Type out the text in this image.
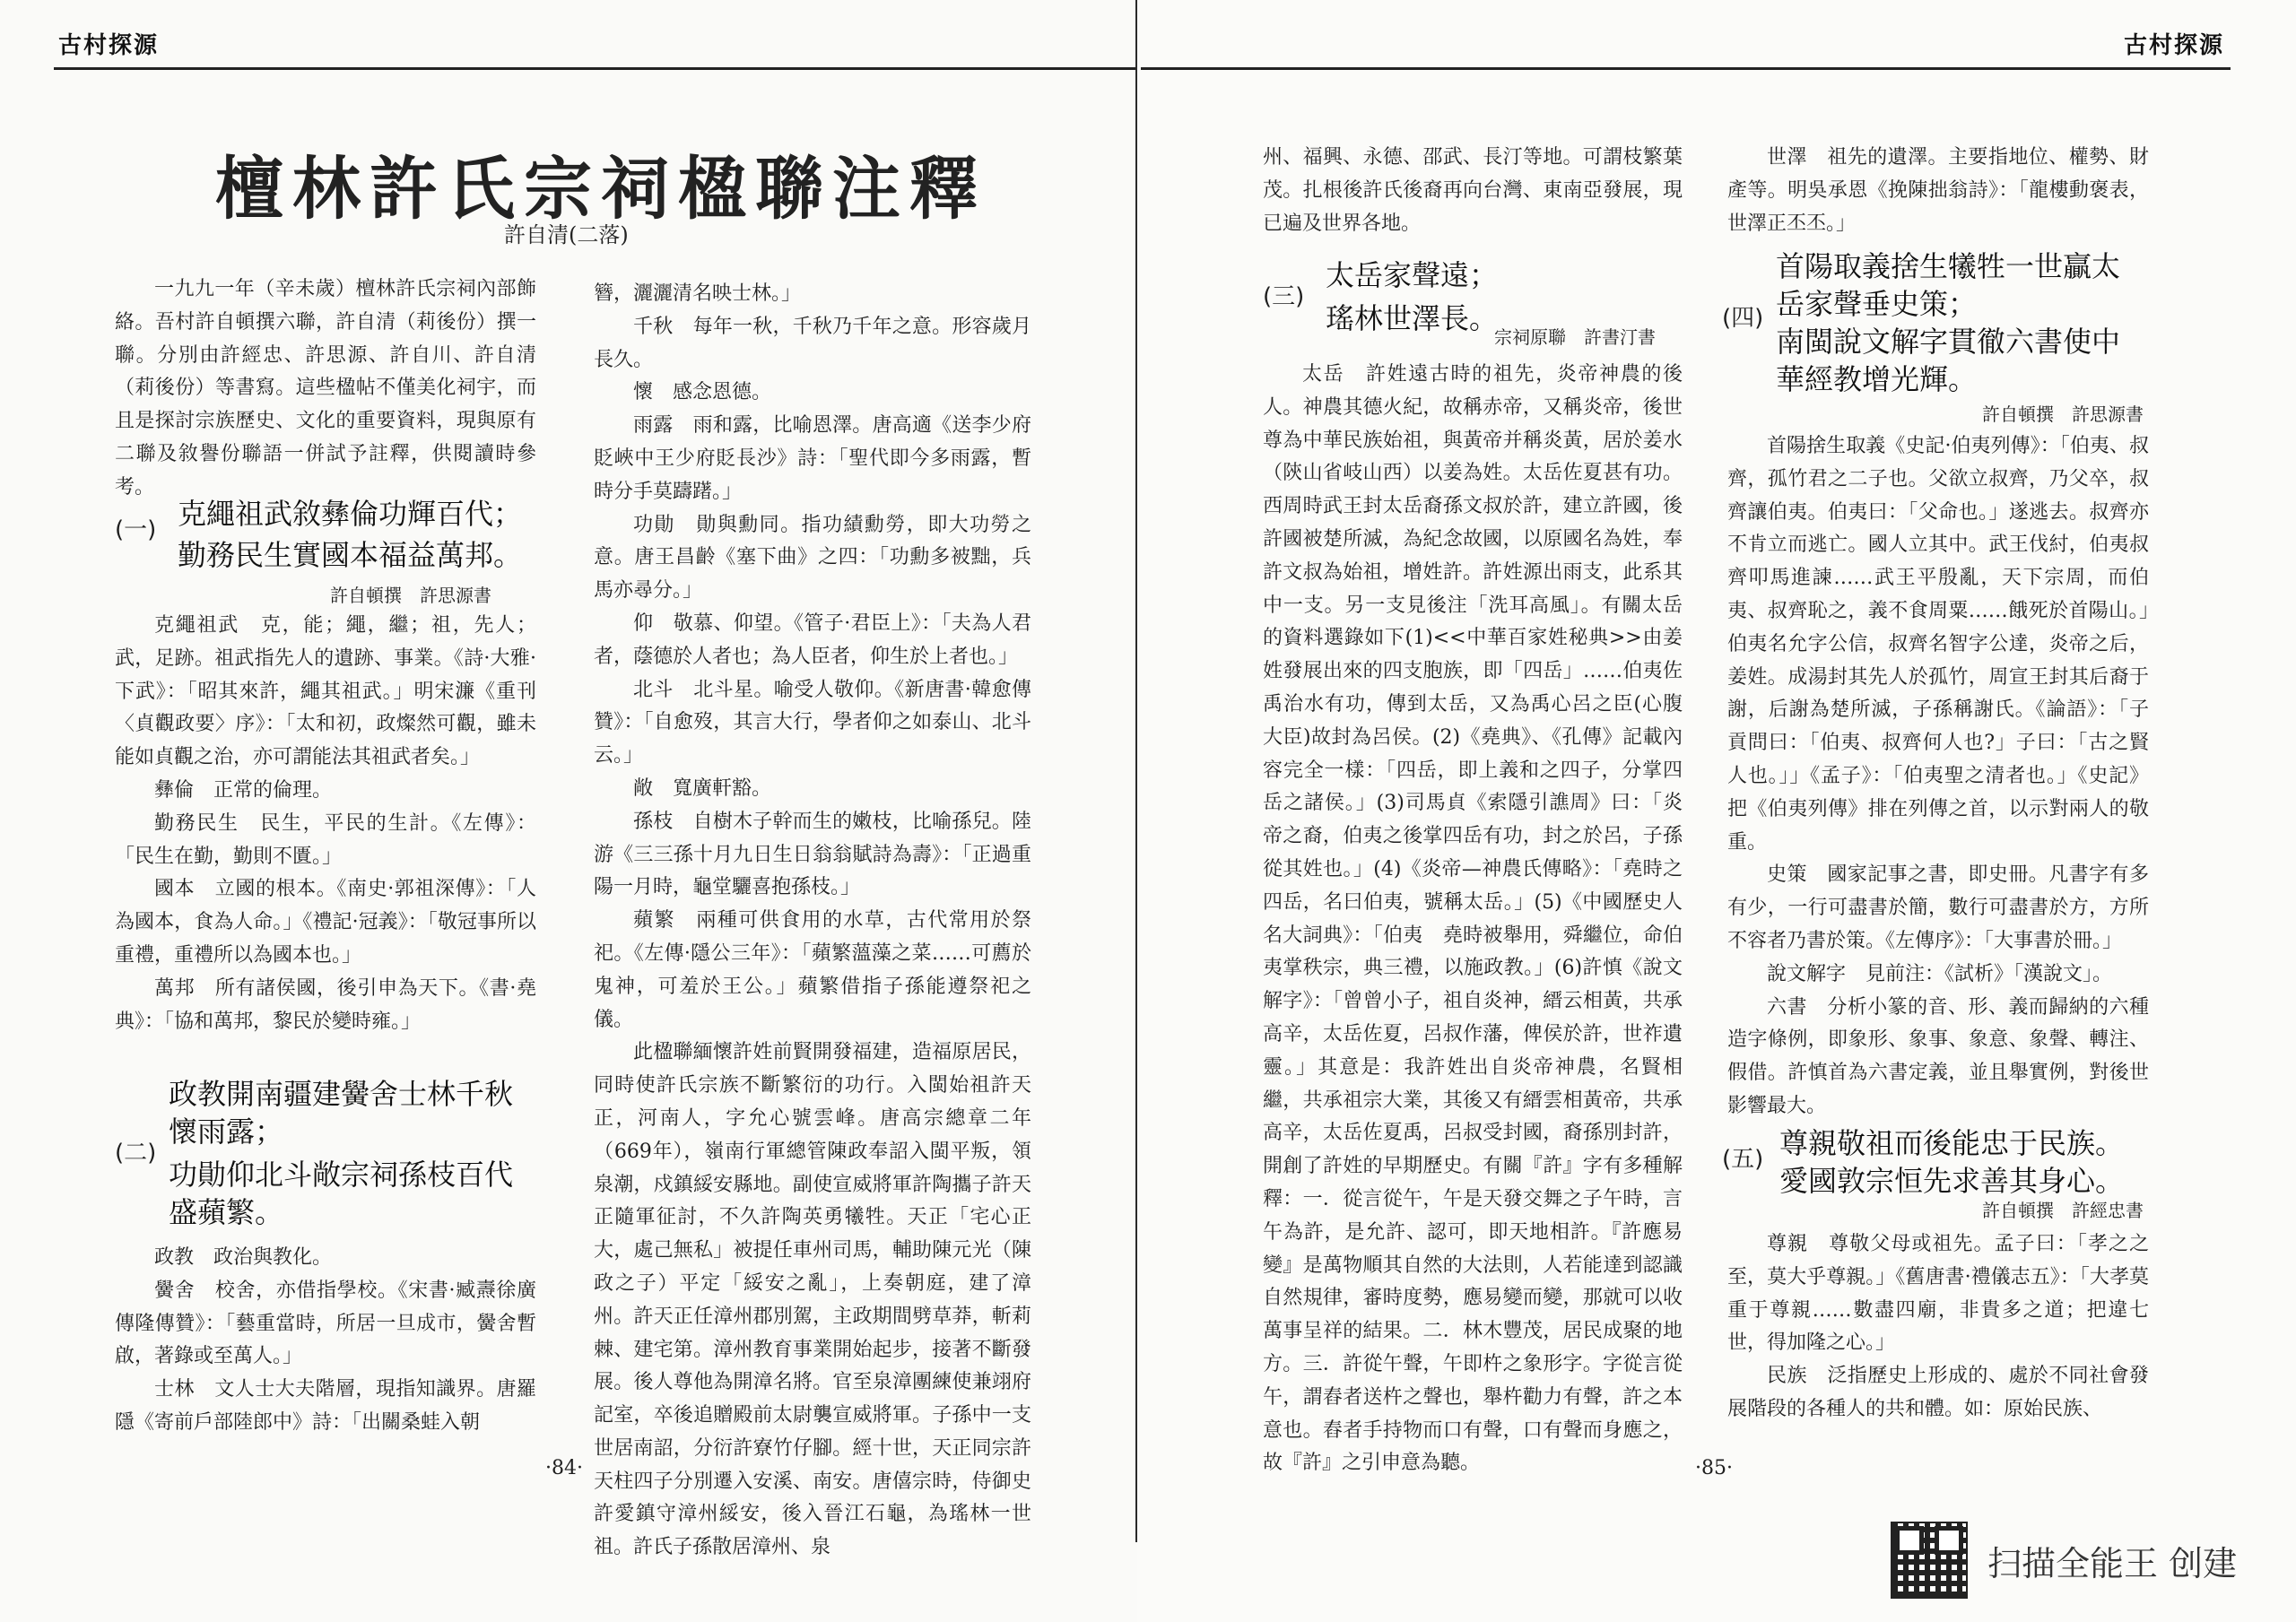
古村探源
檀林許氏宗祠楹聯注釋
許自清(二落)

一九九一年（辛未歲）檀林許氏宗祠內部飾絡。吾村許自頓撰六聯，許自清（莉後份）撰一聯。分別由許經忠、許思源、許自川、許自清（莉後份）等書寫。這些楹帖不僅美化祠宇，而且是探討宗族歷史、文化的重要資料，現與原有二聯及敘譽份聯語一併試予註釋，供閱讀時參考。

(一) 克繩祖武敘彝倫功輝百代；
勤務民生實國本福益萬邦。
許自頓撰　許思源書

克繩祖武　克，能；繩，繼；祖，先人；武，足跡。祖武指先人的遺跡、事業。《詩·大雅·下武》：「昭其來許，繩其祖武。」明宋濂《重刊〈貞觀政要〉序》：「太和初，政燦然可觀，雖未能如貞觀之治，亦可謂能法其祖武者矣。」

彝倫　正常的倫理。

勤務民生　民生，平民的生計。《左傳》：「民生在勤，勤則不匱。」

國本　立國的根本。《南史·郭祖深傳》：「人為國本，食為人命。」《禮記·冠義》：「敬冠事所以重禮，重禮所以為國本也。」

萬邦　所有諸侯國，後引申為天下。《書·堯典》：「協和萬邦，黎民於變時雍。」

(二)
政教開南疆建黌舍士林千秋
懷雨露；
功勛仰北斗敞宗祠孫枝百代
盛蘋繁。

政教　政治與教化。

黌舍　校舍，亦借指學校。《宋書·臧燾徐廣傳隆傳贊》：「藝重當時，所居一旦成市，黌舍暫啟，著錄或至萬人。」

士林　文人士大夫階層，現指知識界。唐羅隱《寄前戶部陸郎中》詩：「出關桑蛙入朝

簪，灑灑清名映士林。」

千秋　每年一秋，千秋乃千年之意。形容歲月長久。

懷　感念恩德。

雨露　雨和露，比喻恩澤。唐高適《送李少府貶峽中王少府貶長沙》詩：「聖代即今多雨露，暫時分手莫躊躇。」

功勛　勛與勳同。指功績勳勞，即大功勞之意。唐王昌齡《塞下曲》之四：「功勳多被黜，兵馬亦尋分。」

仰　敬慕、仰望。《管子·君臣上》：「夫為人君者，蔭德於人者也；為人臣者，仰生於上者也。」

北斗　北斗星。喻受人敬仰。《新唐書·韓愈傳贊》：「自愈歿，其言大行，學者仰之如泰山、北斗云。」

敞　寬廣軒豁。

孫枝　自樹木子幹而生的嫩枝，比喻孫兒。陸游《三三孫十月九日生日翁翁賦詩為壽》：「正過重陽一月時，龜堂驪喜抱孫枝。」

蘋繁　兩種可供食用的水草，古代常用於祭祀。《左傳·隱公三年》：「蘋繁薀藻之菜……可薦於鬼神，可羞於王公。」蘋繁借指子孫能遵祭祀之儀。

此楹聯緬懷許姓前賢開發福建，造福原居民，同時使許氏宗族不斷繁衍的功行。入閩始祖許天正，河南人，字允心號雲峰。唐高宗總章二年（669年），嶺南行軍總管陳政奉詔入閩平叛，領泉潮，戍鎮綏安縣地。副使宣威將軍許陶攜子許天正隨軍征討，不久許陶英勇犧牲。天正「宅心正大，處己無私」被提任車州司馬，輔助陳元光（陳政之子）平定「綏安之亂」，上奏朝庭，建了漳州。許天正任漳州郡別駕，主政期間劈草莽，斬莉棘、建宅第。漳州教育事業開始起步，接著不斷發展。後人尊他為開漳名將。官至泉漳團練使兼翊府記室，卒後追贈殿前太尉襲宣威將軍。子孫中一支世居南詔，分衍許寮竹仔腳。經十世，天正同宗許天柱四子分別遷入安溪、南安。唐僖宗時，侍御史許愛鎮守漳州綏安，後入晉江石龜，為瑤林一世祖。許氏子孫散居漳州、泉

·84·
古村探源

州、福興、永德、邵武、長汀等地。可謂枝繁葉茂。扎根後許氏後裔再向台灣、東南亞發展，現已遍及世界各地。

(三)
太岳家聲遠；
瑤林世澤長。
宗祠原聯　許書汀書

太岳　許姓遠古時的祖先，炎帝神農的後人。神農其德火紀，故稱赤帝，又稱炎帝，後世尊為中華民族始祖，與黃帝并稱炎黃，居於姜水（陝山省岐山西）以姜為姓。太岳佐夏甚有功。西周時武王封太岳裔孫文叔於許，建立許國，後許國被楚所滅，為紀念故國，以原國名為姓，奉許文叔為始祖，增姓許。許姓源出雨支，此系其中一支。另一支見後注「洗耳高風」。有關太岳的資料選錄如下(1)<<中華百家姓秘典>>由姜姓發展出來的四支胞族，即「四岳」……伯夷佐禹治水有功，傳到太岳，又為禹心呂之臣(心腹大臣)故封為呂侯。(2)《堯典》、《孔傳》記載內容完全一樣：「四岳，即上義和之四子，分掌四岳之諸侯。」(3)司馬貞《索隱引譙周》曰：「炎帝之裔，伯夷之後掌四岳有功，封之於呂，子孫從其姓也。」(4)《炎帝—神農氏傳略》：「堯時之四岳，名曰伯夷，號稱太岳。」(5)《中國歷史人名大詞典》：「伯夷　堯時被舉用，舜繼位，命伯夷掌秩宗，典三禮，以施政教。」(6)許慎《說文解字》：「曾曾小子，祖自炎神，縉云相黃，共承高辛，太岳佐夏，呂叔作藩，俾侯於許，世祚遺靈。」其意是：我許姓出自炎帝神農，名賢相繼，共承祖宗大業，其後又有縉雲相黃帝，共承高辛，太岳佐夏禹，呂叔受封國，裔孫別封許，開創了許姓的早期歷史。有關『許』字有多種解釋：一．從言從午，午是天發交舞之子午時，言午為許，是允許、認可，即天地相許。『許應易變』是萬物順其自然的大法則，人若能達到認識自然規律，審時度勢，應易變而變，那就可以收萬事呈祥的結果。二．林木豐茂，居民成聚的地方。三．許從午聲，午即杵之象形字。字從言從午，謂舂者送杵之聲也，舉杵勸力有聲，許之本意也。舂者手持物而口有聲，口有聲而身應之，故『許』之引申意為聽。

世澤　祖先的遺澤。主要指地位、權勢、財產等。明吳承恩《挽陳拙翁詩》：「龍樓動褒表，世澤正丕丕。」

(四)
首陽取義捨生犧牲一世贏太
岳家聲垂史策；
南閩說文解字貫徹六書使中
華經教增光輝。
許自頓撰　許思源書

首陽捨生取義《史記·伯夷列傳》：「伯夷、叔齊，孤竹君之二子也。父欲立叔齊，乃父卒，叔齊讓伯夷。伯夷曰：「父命也。」遂逃去。叔齊亦不肯立而逃亡。國人立其中。武王伐紂，伯夷叔齊叩馬進諫……武王平殷亂，天下宗周，而伯夷、叔齊恥之，義不食周粟……餓死於首陽山。」伯夷名允字公信，叔齊名智字公達，炎帝之后，姜姓。成湯封其先人於孤竹，周宣王封其后裔于謝，后謝為楚所滅，子孫稱謝氏。《論語》：「子貢問曰：「伯夷、叔齊何人也?」子曰：「古之賢人也。」」《孟子》：「伯夷聖之清者也。」《史記》把《伯夷列傳》排在列傳之首，以示對兩人的敬重。

史策　國家記事之書，即史冊。凡書字有多有少，一行可盡書於簡，數行可盡書於方，方所不容者乃書於策。《左傳序》：「大事書於冊。」

說文解字　見前注：《試析》「漢說文」。

六書　分析小篆的音、形、義而歸納的六種造字條例，即象形、象事、象意、象聲、轉注、假借。許慎首為六書定義，並且舉實例，對後世影響最大。

(五) 尊親敬祖而後能忠于民族。
愛國敦宗恒先求善其身心。
許自頓撰　許經忠書

尊親　尊敬父母或祖先。孟子曰：「孝之之至，莫大乎尊親。」《舊唐書·禮儀志五》：「大孝莫重于尊親……數盡四廟，非貴多之道；把違七世，得加隆之心。」

民族　泛指歷史上形成的、處於不同社會發展階段的各種人的共和體。如：原始民族、

·85·
扫描全能王 创建
